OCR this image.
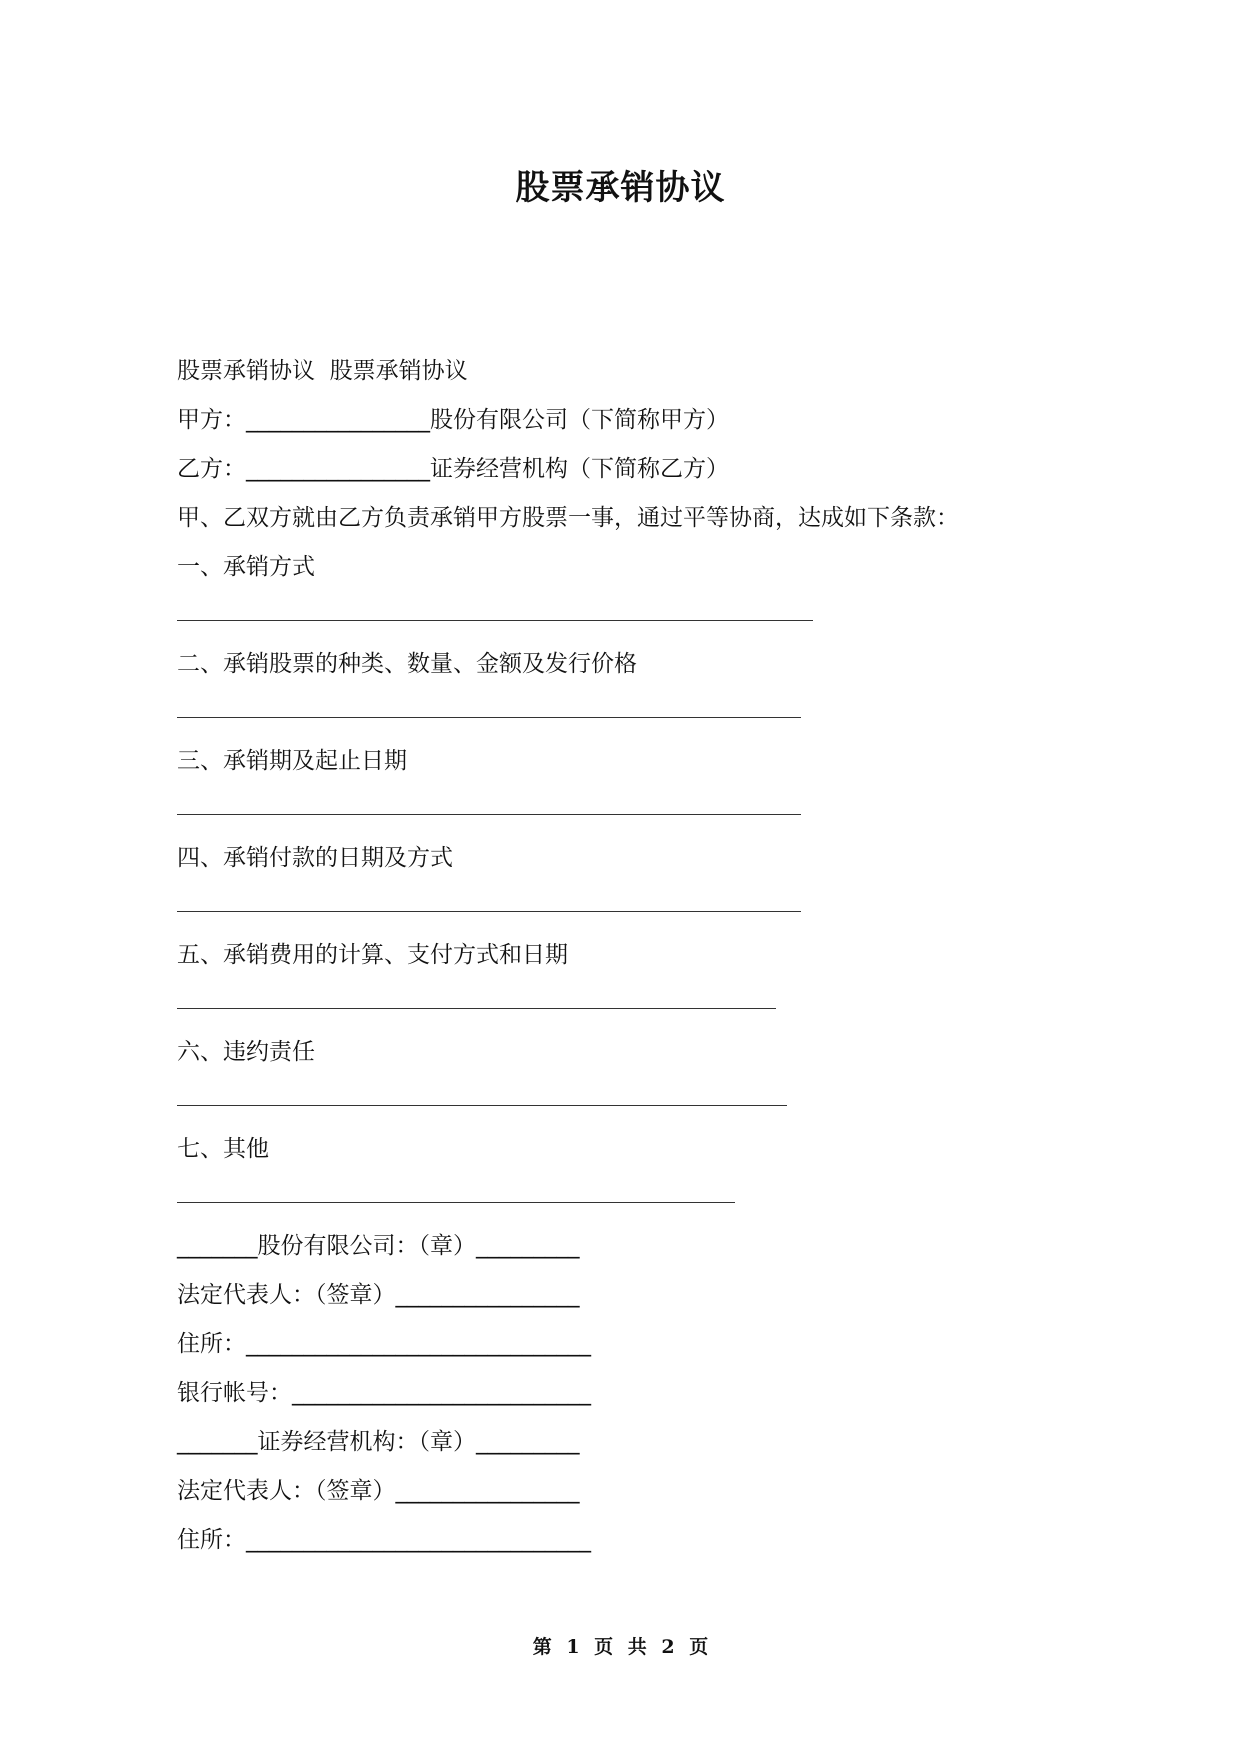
股票承销协议

股票承销协议  股票承销协议

甲方：________________股份有限公司（下简称甲方）

乙方：________________证券经营机构（下简称乙方）

甲、乙双方就由乙方负责承销甲方股票一事，通过平等协商，达成如下条款：

一、承销方式

二、承销股票的种类、数量、金额及发行价格

三、承销期及起止日期

四、承销付款的日期及方式

五、承销费用的计算、支付方式和日期

六、违约责任

七、其他

_______股份有限公司：（章）_________

法定代表人：（签章）________________

住所：______________________________

银行帐号：__________________________

_______证券经营机构：（章）_________

法定代表人：（签章）________________

住所：______________________________

第 1 页 共 2 页
